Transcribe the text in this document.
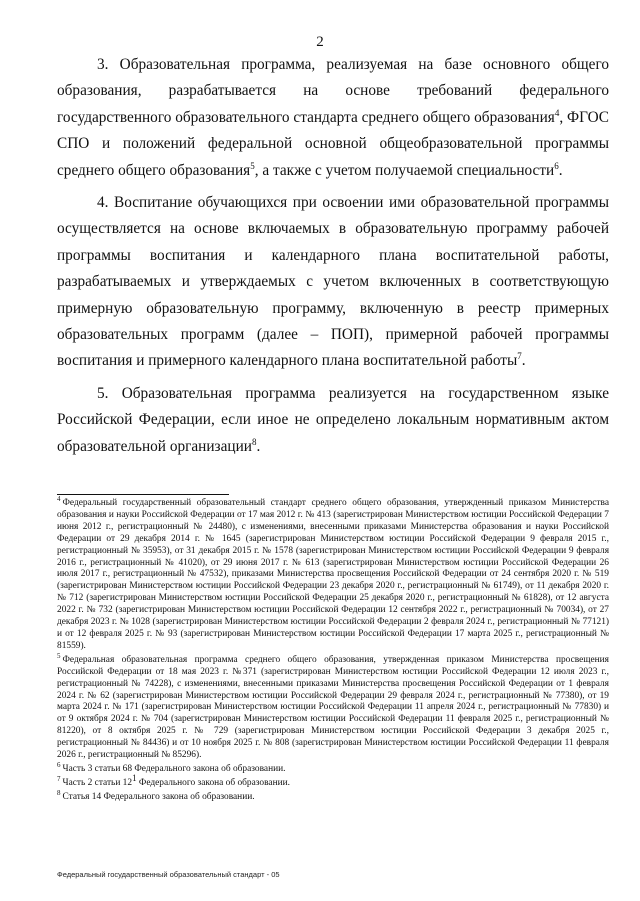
2

3. Образовательная программа, реализуемая на базе основного общего образования, разрабатывается на основе требований федерального государственного образовательного стандарта среднего общего образования$^4$, ФГОС СПО и положений федеральной основной общеобразовательной программы среднего общего образования$^5$, а также с учетом получаемой специальности$^6$.

4. Воспитание обучающихся при освоении ими образовательной программы осуществляется на основе включаемых в образовательную программу рабочей программы воспитания и календарного плана воспитательной работы, разрабатываемых и утверждаемых с учетом включенных в соответствующую примерную образовательную программу, включенную в реестр примерных образовательных программ (далее – ПОП), примерной рабочей программы воспитания и примерного календарного плана воспитательной работы$^7$.

5. Образовательная программа реализуется на государственном языке Российской Федерации, если иное не определено локальным нормативным актом образовательной организации$^8$.

$^4$ Федеральный государственный образовательный стандарт среднего общего образования, утвержденный приказом Министерства образования и науки Российской Федерации от 17 мая 2012 г. № 413 (зарегистрирован Министерством юстиции Российской Федерации 7 июня 2012 г., регистрационный № 24480), с изменениями, внесенными приказами Министерства образования и науки Российской Федерации от 29 декабря 2014 г. № 1645 (зарегистрирован Министерством юстиции Российской Федерации 9 февраля 2015 г., регистрационный № 35953), от 31 декабря 2015 г. № 1578 (зарегистрирован Министерством юстиции Российской Федерации 9 февраля 2016 г., регистрационный № 41020), от 29 июня 2017 г. № 613 (зарегистрирован Министерством юстиции Российской Федерации 26 июля 2017 г., регистрационный № 47532), приказами Министерства просвещения Российской Федерации от 24 сентября 2020 г. № 519 (зарегистрирован Министерством юстиции Российской Федерации 23 декабря 2020 г., регистрационный № 61749), от 11 декабря 2020 г. № 712 (зарегистрирован Министерством юстиции Российской Федерации 25 декабря 2020 г., регистрационный № 61828), от 12 августа 2022 г. № 732 (зарегистрирован Министерством юстиции Российской Федерации 12 сентября 2022 г., регистрационный № 70034), от 27 декабря 2023 г. № 1028 (зарегистрирован Министерством юстиции Российской Федерации 2 февраля 2024 г., регистрационный № 77121) и от 12 февраля 2025 г. № 93 (зарегистрирован Министерством юстиции Российской Федерации 17 марта 2025 г., регистрационный № 81559).

$^5$ Федеральная образовательная программа среднего общего образования, утвержденная приказом Министерства просвещения Российской Федерации от 18 мая 2023 г. №371 (зарегистрирован Министерством юстиции Российской Федерации 12 июля 2023 г., регистрационный № 74228), с изменениями, внесенными приказами Министерства просвещения Российской Федерации от 1 февраля 2024 г. № 62 (зарегистрирован Министерством юстиции Российской Федерации 29 февраля 2024 г., регистрационный № 77380), от 19 марта 2024 г. № 171 (зарегистрирован Министерством юстиции Российской Федерации 11 апреля 2024 г., регистрационный № 77830) и от 9 октября 2024 г. № 704 (зарегистрирован Министерством юстиции Российской Федерации 11 февраля 2025 г., регистрационный № 81220), от 8 октября 2025 г. № 729 (зарегистрирован Министерством юстиции Российской Федерации 3 декабря 2025 г., регистрационный № 84436) и от 10 ноября 2025 г. № 808 (зарегистрирован Министерством юстиции Российской Федерации 11 февраля 2026 г., регистрационный № 85296).

$^6$ Часть 3 статьи 68 Федерального закона об образовании.

$^7$ Часть 2 статьи $12^1$ Федерального закона об образовании.

$^8$ Статья 14 Федерального закона об образовании.

Федеральный государственный образовательный стандарт - 05
